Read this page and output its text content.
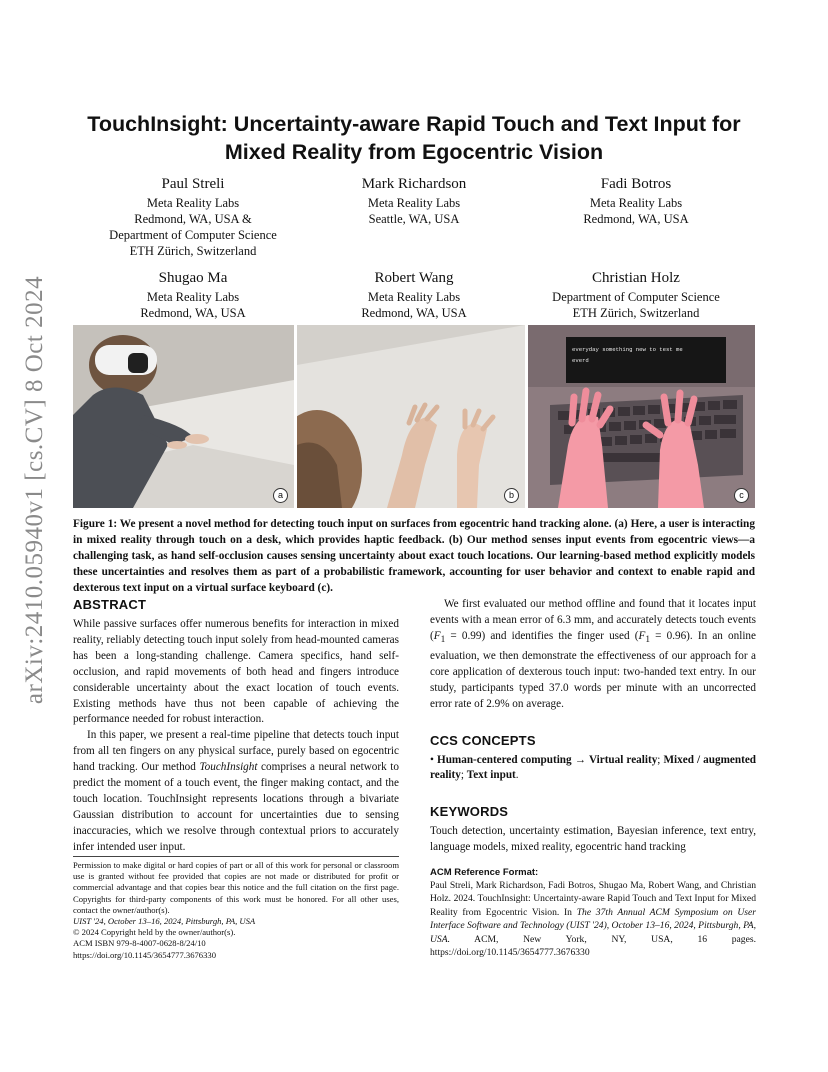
arXiv:2410.05940v1 [cs.CV] 8 Oct 2024
TouchInsight: Uncertainty-aware Rapid Touch and Text Input for Mixed Reality from Egocentric Vision
Paul Streli
Meta Reality Labs
Redmond, WA, USA &
Department of Computer Science
ETH Zürich, Switzerland
Mark Richardson
Meta Reality Labs
Seattle, WA, USA
Fadi Botros
Meta Reality Labs
Redmond, WA, USA
Shugao Ma
Meta Reality Labs
Redmond, WA, USA
Robert Wang
Meta Reality Labs
Redmond, WA, USA
Christian Holz
Department of Computer Science
ETH Zürich, Switzerland
a	b
everyday something new to test me
everd
c

Figure 1: We present a novel method for detecting touch input on surfaces from egocentric hand tracking alone. (a) Here, a user is interacting in mixed reality through touch on a desk, which provides haptic feedback. (b) Our method senses input events from egocentric views—a challenging task, as hand self-occlusion causes sensing uncertainty about exact touch locations. Our learning-based method explicitly models these uncertainties and resolves them as part of a probabilistic framework, accounting for user behavior and context to enable rapid and dexterous text input on a virtual surface keyboard (c).

ABSTRACT

While passive surfaces offer numerous benefits for interaction in mixed reality, reliably detecting touch input solely from head-mounted cameras has been a long-standing challenge. Camera specifics, hand self-occlusion, and rapid movements of both head and fingers introduce considerable uncertainty about the exact location of touch events. Existing methods have thus not been capable of achieving the performance needed for robust interaction.

In this paper, we present a real-time pipeline that detects touch input from all ten fingers on any physical surface, purely based on egocentric hand tracking. Our method TouchInsight comprises a neural network to predict the moment of a touch event, the finger making contact, and the touch location. TouchInsight represents locations through a bivariate Gaussian distribution to account for uncertainties due to sensing inaccuracies, which we resolve through contextual priors to accurately infer intended user input.

Permission to make digital or hard copies of part or all of this work for personal or classroom use is granted without fee provided that copies are not made or distributed for profit or commercial advantage and that copies bear this notice and the full citation on the first page. Copyrights for third-party components of this work must be honored. For all other uses, contact the owner/author(s).
UIST '24, October 13–16, 2024, Pittsburgh, PA, USA
© 2024 Copyright held by the owner/author(s).
ACM ISBN 979-8-4007-0628-8/24/10
https://doi.org/10.1145/3654777.3676330

We first evaluated our method offline and found that it locates input events with a mean error of 6.3 mm, and accurately detects touch events $(F_1 = 0.99)$ and identifies the finger used $(F_1 = 0.96)$. In an online evaluation, we then demonstrate the effectiveness of our approach for a core application of dexterous touch input: two-handed text entry. In our study, participants typed 37.0 words per minute with an uncorrected error rate of 2.9% on average.

CCS CONCEPTS

• Human-centered computing → Virtual reality; Mixed / augmented reality; Text input.

KEYWORDS

Touch detection, uncertainty estimation, Bayesian inference, text entry, language models, mixed reality, egocentric hand tracking

ACM Reference Format:
Paul Streli, Mark Richardson, Fadi Botros, Shugao Ma, Robert Wang, and Christian Holz. 2024. TouchInsight: Uncertainty-aware Rapid Touch and Text Input for Mixed Reality from Egocentric Vision. In The 37th Annual ACM Symposium on User Interface Software and Technology (UIST '24), October 13–16, 2024, Pittsburgh, PA, USA. ACM, New York, NY, USA, 16 pages. https://doi.org/10.1145/3654777.3676330
